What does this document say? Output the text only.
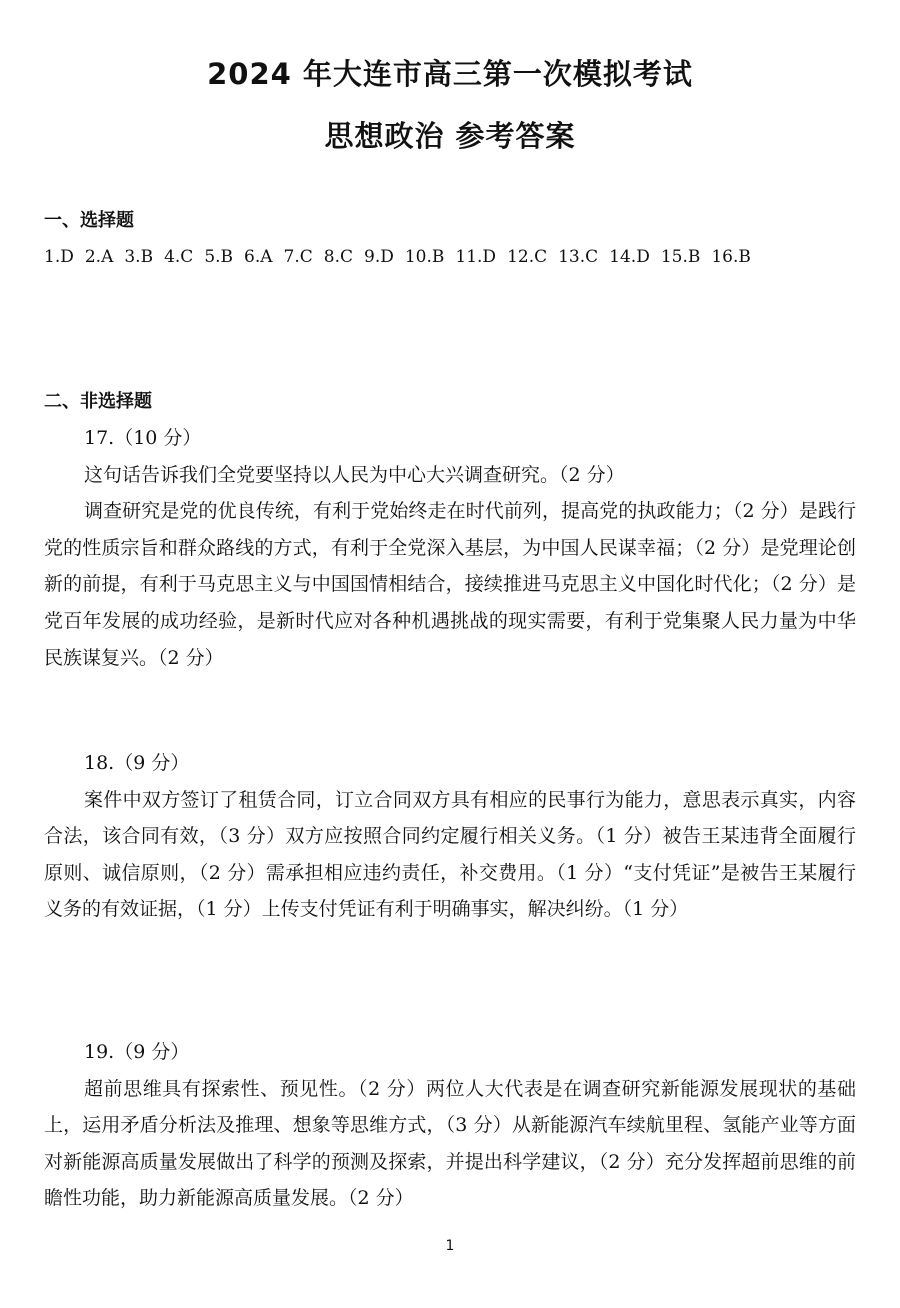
2024 年大连市高三第一次模拟考试
思想政治 参考答案
一、选择题
1.D 2.A 3.B 4.C 5.B 6.A 7.C 8.C 9.D 10.B 11.D 12.C 13.C 14.D 15.B 16.B
二、非选择题
17.（10 分）

这句话告诉我们全党要坚持以人民为中心大兴调查研究。（2 分）

调查研究是党的优良传统，有利于党始终走在时代前列，提高党的执政能力；（2 分）是践行党的性质宗旨和群众路线的方式，有利于全党深入基层，为中国人民谋幸福；（2 分）是党理论创新的前提，有利于马克思主义与中国国情相结合，接续推进马克思主义中国化时代化；（2 分）是党百年发展的成功经验，是新时代应对各种机遇挑战的现实需要，有利于党集聚人民力量为中华民族谋复兴。（2 分）

18.（9 分）

案件中双方签订了租赁合同，订立合同双方具有相应的民事行为能力，意思表示真实，内容合法，该合同有效，（3 分）双方应按照合同约定履行相关义务。（1 分）被告王某违背全面履行原则、诚信原则，（2 分）需承担相应违约责任，补交费用。（1 分）“支付凭证”是被告王某履行义务的有效证据，（1 分）上传支付凭证有利于明确事实，解决纠纷。（1 分）

19.（9 分）

超前思维具有探索性、预见性。（2 分）两位人大代表是在调查研究新能源发展现状的基础上，运用矛盾分析法及推理、想象等思维方式，（3 分）从新能源汽车续航里程、氢能产业等方面对新能源高质量发展做出了科学的预测及探索，并提出科学建议，（2 分）充分发挥超前思维的前瞻性功能，助力新能源高质量发展。（2 分）

1
